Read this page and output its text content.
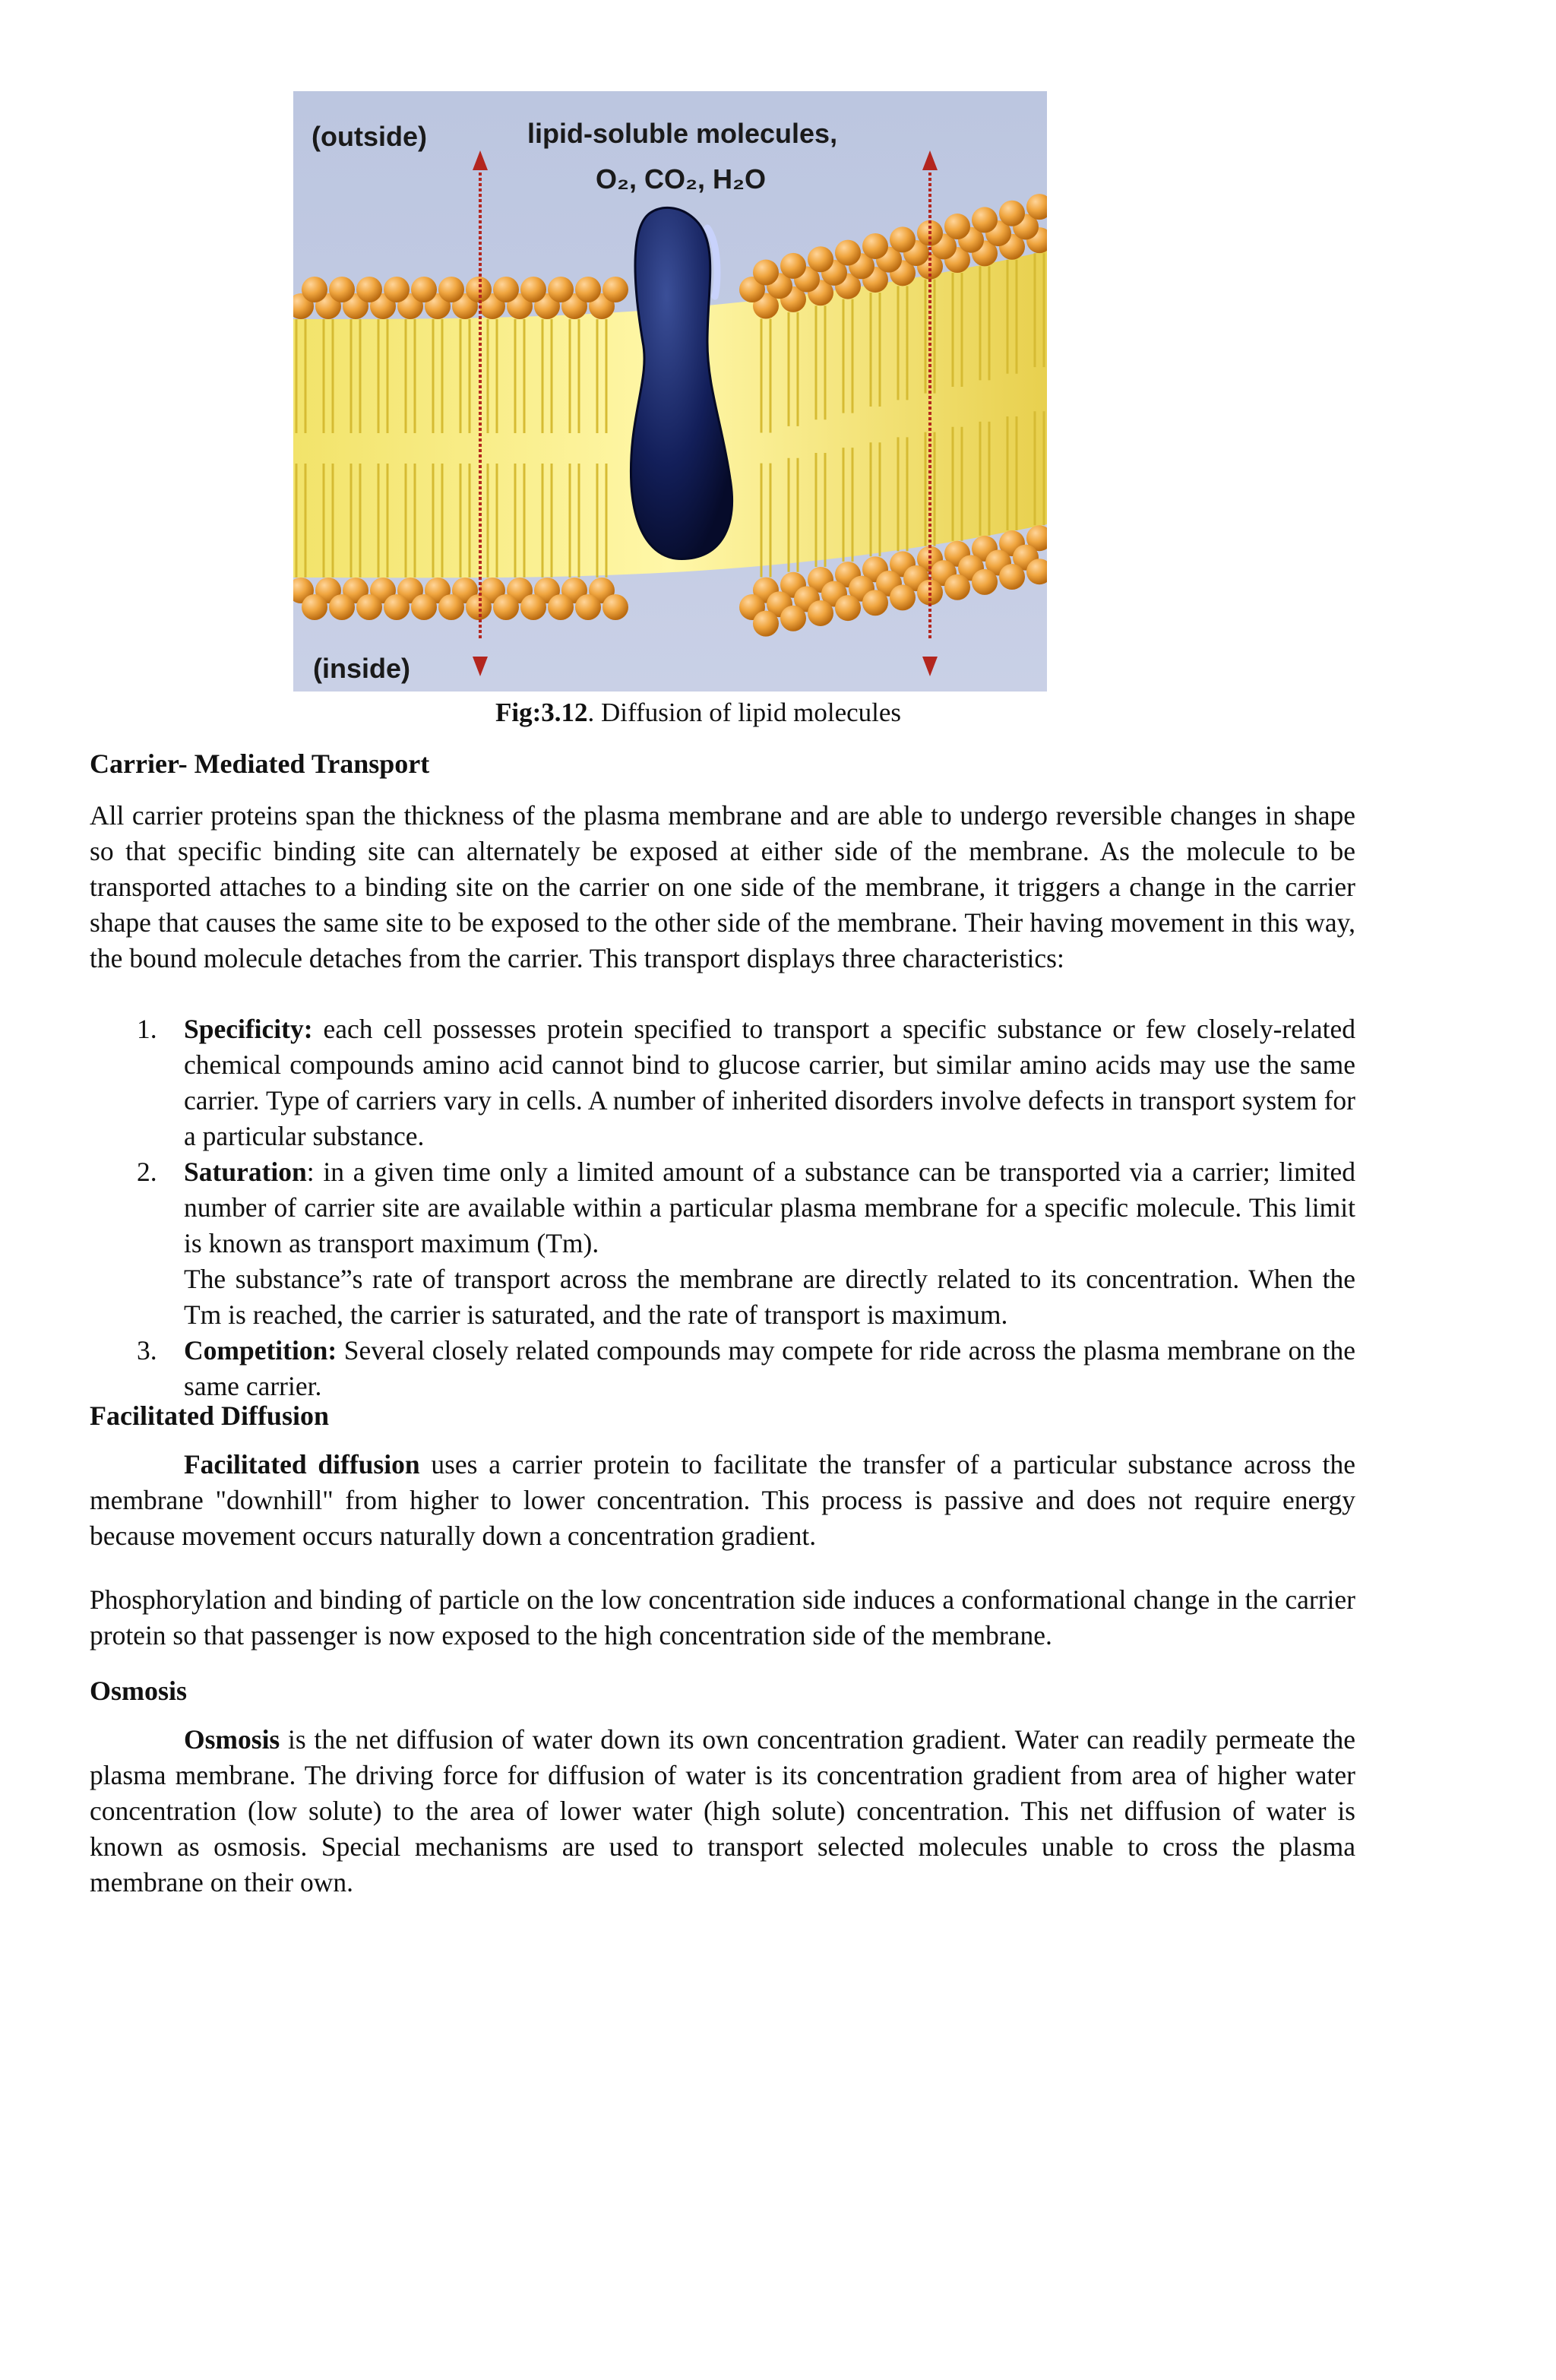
(outside)	lipid-soluble molecules,
O₂, CO₂, H₂O
(inside)
Fig:3.12. Diffusion of lipid molecules
Carrier- Mediated Transport
All carrier proteins span the thickness of the plasma membrane and are able to undergo reversible changes in shape so that specific binding site can alternately be exposed at either side of the membrane. As the molecule to be transported attaches to a binding site on the carrier on one side of the membrane, it triggers a change in the carrier shape that causes the same site to be exposed to the other side of the membrane. Their having movement in this way, the bound molecule detaches from the carrier. This transport displays three characteristics:
1. Specificity: each cell possesses protein specified to transport a specific substance or few closely-related chemical compounds amino acid cannot bind to glucose carrier, but similar amino acids may use the same carrier. Type of carriers vary in cells. A number of inherited disorders involve defects in transport system for a particular substance.
2. Saturation: in a given time only a limited amount of a substance can be transported via a carrier; limited number of carrier site are available within a particular plasma membrane for a specific molecule. This limit is known as transport maximum (Tm).
The substance”s rate of transport across the membrane are directly related to its concentration. When the Tm is reached, the carrier is saturated, and the rate of transport is maximum.
3. Competition: Several closely related compounds may compete for ride across the plasma membrane on the same carrier.
Facilitated Diffusion
Facilitated diffusion uses a carrier protein to facilitate the transfer of a particular substance across the membrane "downhill" from higher to lower concentration. This process is passive and does not require energy because movement occurs naturally down a concentration gradient.
Phosphorylation and binding of particle on the low concentration side induces a conformational change in the carrier protein so that passenger is now exposed to the high concentration side of the membrane.
Osmosis
Osmosis is the net diffusion of water down its own concentration gradient. Water can readily permeate the plasma membrane. The driving force for diffusion of water is its concentration gradient from area of higher water concentration (low solute) to the area of lower water (high solute) concentration. This net diffusion of water is known as osmosis. Special mechanisms are used to transport selected molecules unable to cross the plasma membrane on their own.
